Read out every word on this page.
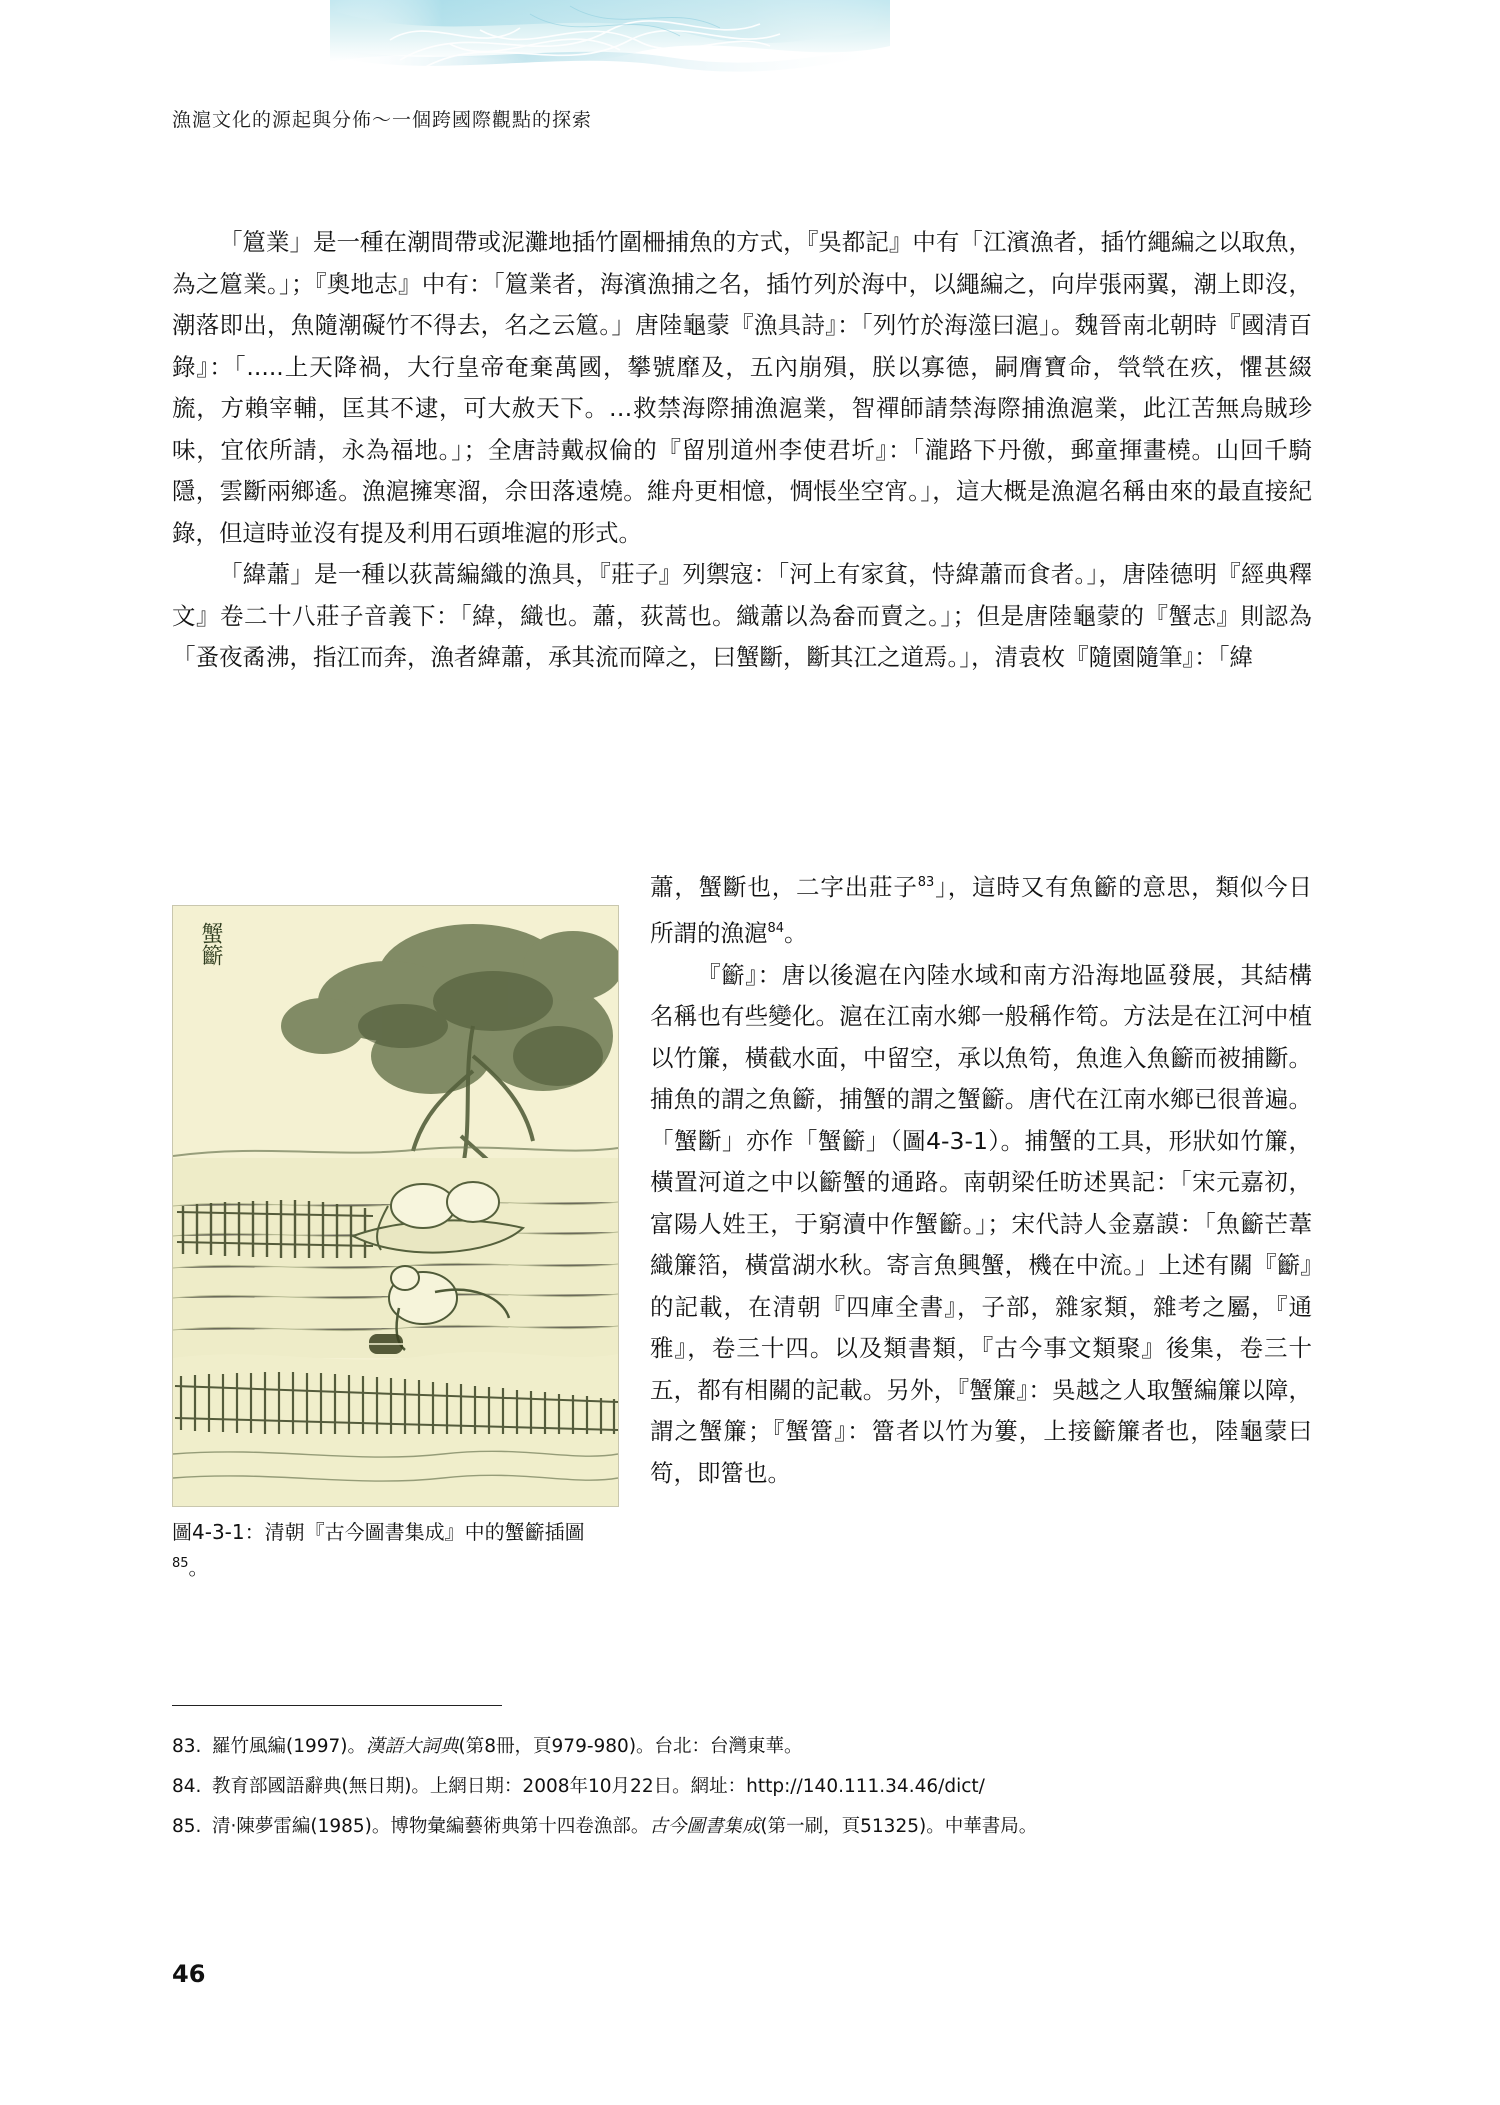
漁滬文化的源起與分佈～一個跨國際觀點的探索

「簄業」是一種在潮間帶或泥灘地插竹圍柵捕魚的方式，『吳都記』中有「江濱漁者，插竹繩編之以取魚，為之簄業。」；『奧地志』中有：「簄業者，海濱漁捕之名，插竹列於海中，以繩編之，向岸張兩翼，潮上即沒，潮落即出，魚隨潮礙竹不得去，名之云簄。」唐陸龜蒙『漁具詩』：「列竹於海澨曰滬」。魏晉南北朝時『國清百錄』：「.....上天降禍，大行皇帝奄棄萬國，攀號靡及，五內崩殞，朕以寡德，嗣膺寶命，煢煢在疚，懼甚綴旒，方賴宰輔，匡其不逮，可大赦天下。…救禁海際捕漁滬業，智禪師請禁海際捕漁滬業，此江苦無烏賊珍味，宜依所請，永為福地。」；全唐詩戴叔倫的『留別道州李使君圻』：「瀧路下丹徼，郵童揮畫橈。山回千騎隱，雲斷兩鄉遙。漁滬擁寒溜，佘田落遠燒。維舟更相憶，惆悵坐空宵。」，這大概是漁滬名稱由來的最直接紀錄，但這時並沒有提及利用石頭堆滬的形式。

「緯蕭」是一種以荻蒿編織的漁具，『莊子』列禦寇：「河上有家貧，恃緯蕭而食者。」，唐陸德明『經典釋文』卷二十八莊子音義下：「緯，織也。蕭，荻蒿也。織蕭以為畚而賣之。」；但是唐陸龜蒙的『蟹志』則認為「蚤夜矞沸，指江而奔，漁者緯蕭，承其流而障之，曰蟹斷，斷其江之道焉。」，清袁枚『隨園隨筆』：「緯

蟹籪
圖4-3-1：清朝『古今圖書集成』中的蟹籪插圖$^{85}$。

蕭，蟹斷也，二字出莊子$^{83}$」，這時又有魚籪的意思，類似今日所謂的漁滬$^{84}$。

『籪』：唐以後滬在內陸水域和南方沿海地區發展，其結構名稱也有些變化。滬在江南水鄉一般稱作笱。方法是在江河中植以竹簾，橫截水面，中留空，承以魚笱，魚進入魚籪而被捕斷。捕魚的謂之魚籪，捕蟹的謂之蟹籪。唐代在江南水鄉已很普遍。「蟹斷」亦作「蟹籪」（圖4-3-1）。捕蟹的工具，形狀如竹簾，橫置河道之中以籪蟹的通路。南朝梁任昉述異記：「宋元嘉初，富陽人姓王，于窮瀆中作蟹籪。」；宋代詩人金嘉謨：「魚籪芒葦織簾箔，橫當湖水秋。寄言魚興蟹，機在中流。」上述有關『籪』的記載，在清朝『四庫全書』，子部，雜家類，雜考之屬，『通雅』，卷三十四。以及類書類，『古今事文類聚』後集，卷三十五，都有相關的記載。另外，『蟹簾』：吳越之人取蟹編簾以障，謂之蟹簾；『蟹簹』：簹者以竹为簍，上接籪簾者也，陸龜蒙曰笱，即簹也。

83. 羅竹風編(1997)。漢語大詞典(第8冊，頁979-980)。台北：台灣東華。
84. 教育部國語辭典(無日期)。上網日期：2008年10月22日。網址：http://140.111.34.46/dict/
85. 清‧陳夢雷編(1985)。博物彙編藝術典第十四卷漁部。古今圖書集成(第一刷，頁51325)。中華書局。
46
